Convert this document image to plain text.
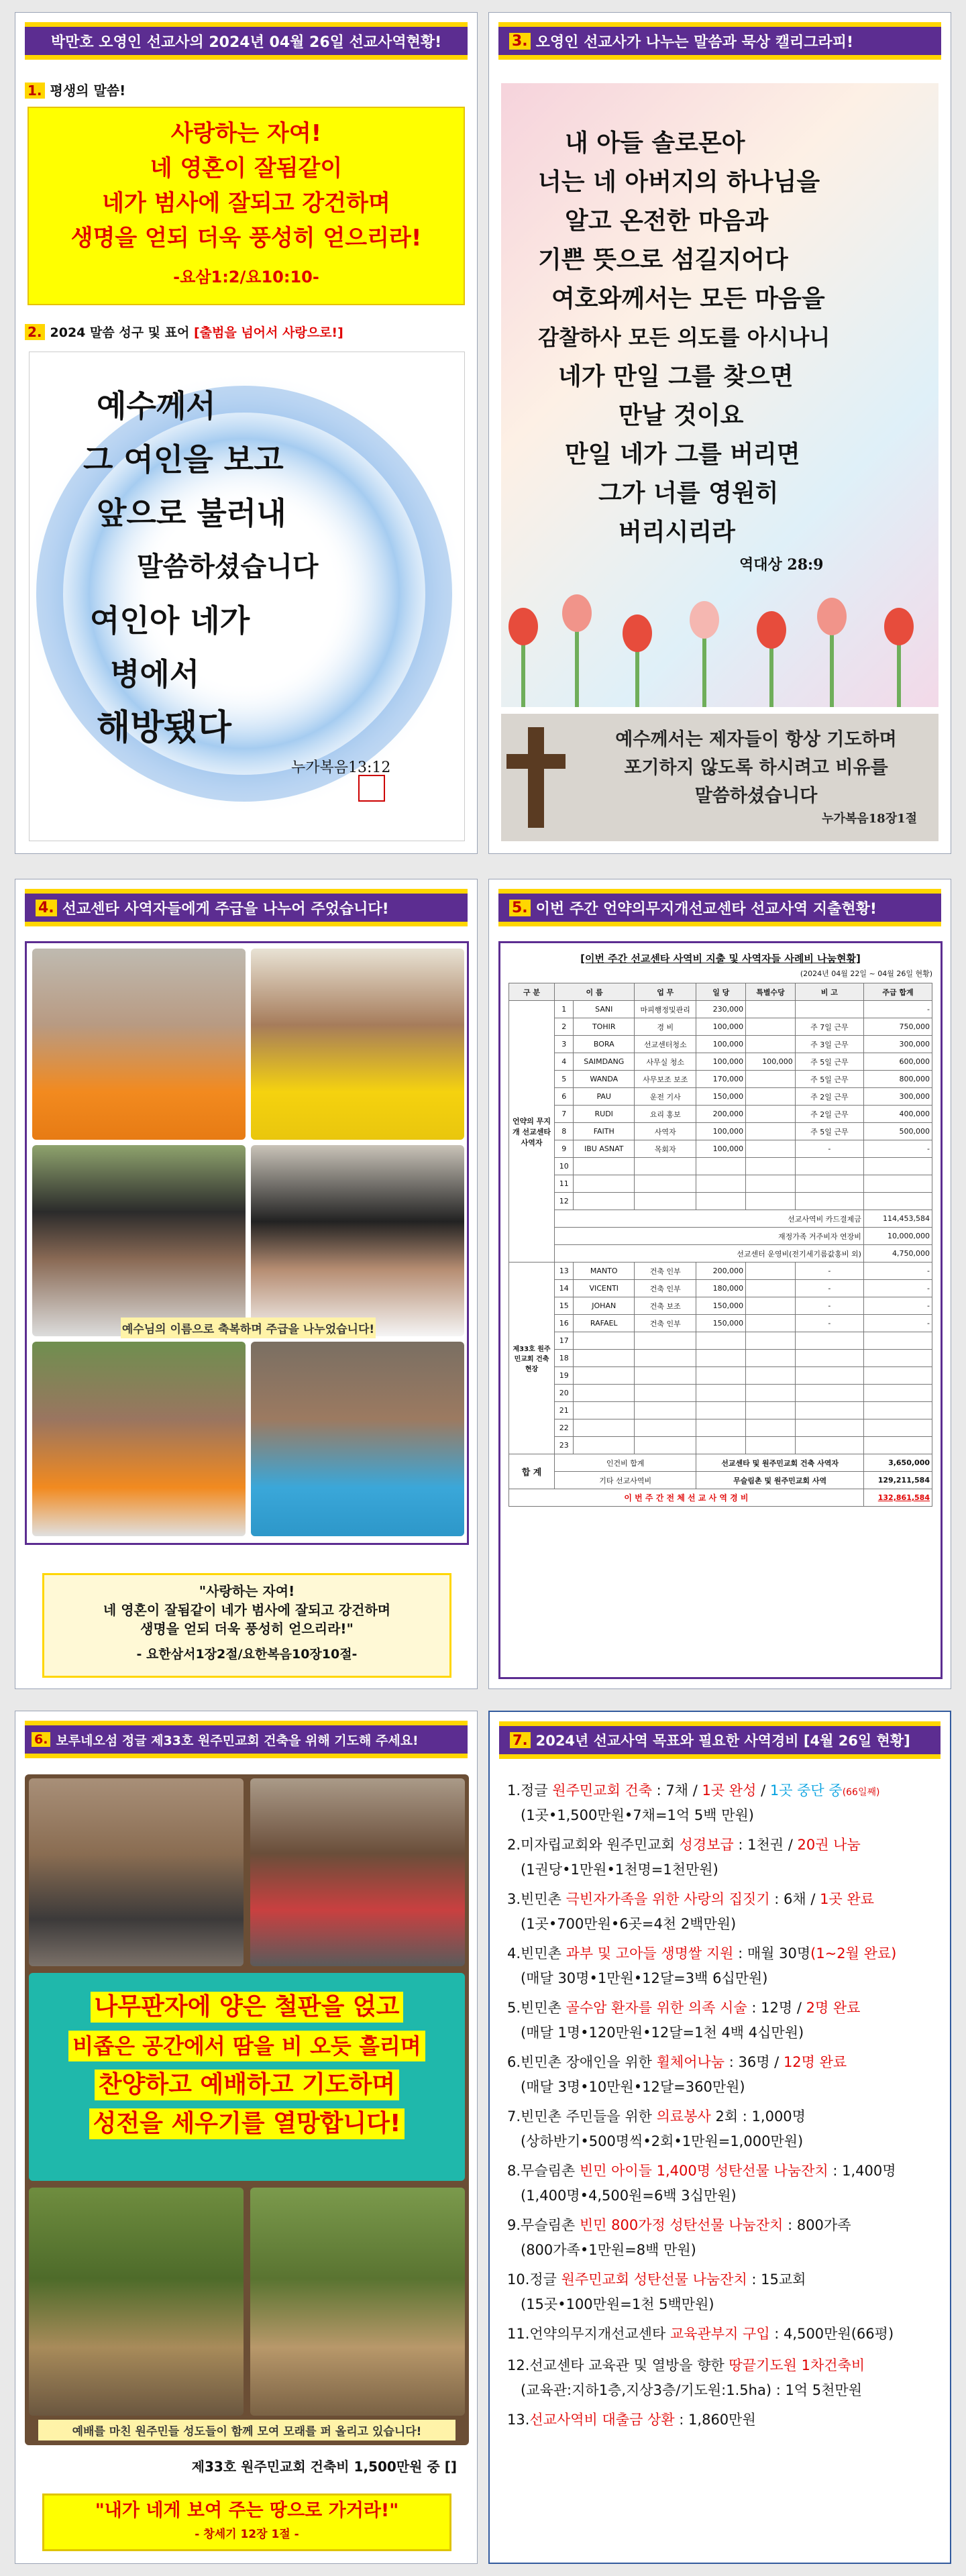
박만호 오영인 선교사의 2024년 04월 26일 선교사역현황!
1. 평생의 말씀!
사랑하는 자여!
네 영혼이 잘됨같이
네가 범사에 잘되고 강건하며
생명을 얻되 더욱 풍성히 얻으리라!
-요삼1:2/요10:10-
2. 2024 말씀 성구 및 표어 [출범을 넘어서 사랑으로!]
예수께서
그 여인을 보고
앞으로 불러내
말씀하셨습니다
여인아 네가
병에서
해방됐다
누가복음13:12
3. 오영인 선교사가 나누는 말씀과 묵상 캘리그라피!
내 아들 솔로몬아
너는 네 아버지의 하나님을
알고 온전한 마음과
기쁜 뜻으로 섬길지어다
여호와께서는 모든 마음을
감찰하사 모든 의도를 아시나니
네가 만일 그를 찾으면
만날 것이요
만일 네가 그를 버리면
그가 너를 영원히
버리시리라
역대상 28:9
예수께서는 제자들이 항상 기도하며
포기하지 않도록 하시려고 비유를
말씀하셨습니다
누가복음18장1절
4. 선교센타 사역자들에게 주급을 나누어 주었습니다!
예수님의 이름으로 축복하며 주급을 나누었습니다!
"사랑하는 자여!
네 영혼이 잘됨같이 네가 범사에 잘되고 강건하며
생명을 얻되 더욱 풍성히 얻으리라!"
- 요한삼서1장2절/요한복음10장10절-
5. 이번 주간 언약의무지개선교센타 선교사역 지출현황!
[이번 주간 선교센타 사역비 지출 및 사역자들 사례비 나눔현황]
(2024년 04월 22일 ~ 04월 26일 현황)
구 분	이 름		업 무	일 당	특별수당	비 고	주급 합계
언약의 무지개 선교센타 사역자	1	SANI	마피행정및관리	230,000			-
	2	TOHIR	경 비	100,000		주 7일 근무	750,000
	3	BORA	선교센터청소	100,000		주 3일 근무	300,000
	4	SAIMDANG	사무실 청소	100,000	100,000	주 5일 근무	600,000
	5	WANDA	사무보조 보조	170,000		주 5일 근무	800,000
	6	PAU	운전 기사	150,000		주 2일 근무	300,000
	7	RUDI	요리 홍보	200,000		주 2일 근무	400,000
	8	FAITH	사역자	100,000		주 5일 근무	500,000
	9	IBU ASNAT	목회자	100,000		-	-
	10						
	11						
	12						
	선교사역비 카드결제금						114,453,584
	재정가족 거주비자 연장비						10,000,000
	선교센터 운영비(전기세기름값홍비 외)						4,750,000
제33호 원주민교회 건축현장	13	MANTO	건축 인부	200,000		-	-
	14	VICENTI	건축 인부	180,000		-	-
	15	JOHAN	건축 보조	150,000		-	-
	16	RAFAEL	건축 인부	150,000		-	-
	17						
	18						
	19						
	20						
	21						
	22						
	23						
합 계	인건비 합계			선교센타 및 원주민교회 건축 사역자			3,650,000
	기타 선교사역비			무슬림촌 및 원주민교회 사역			129,211,584
이 번 주 간 전 체 선 교 사 역 경 비							132,861,584
6. 보루네오섬 정글 제33호 원주민교회 건축을 위해 기도해 주세요!
나무판자에 양은 철판을 얹고
비좁은 공간에서 땀을 비 오듯 흘리며
찬양하고 예배하고 기도하며
성전을 세우기를 열망합니다!
예배를 마친 원주민들 성도들이 함께 모여 모래를 퍼 올리고 있습니다!
제33호 원주민교회 건축비 1,500만원 중 []
"내가 네게 보여 주는 땅으로 가거라!"
- 창세기 12장 1절 -
7. 2024년 선교사역 목표와 필요한 사역경비 [4월 26일 현황]
1.정글 원주민교회 건축 : 7채 / 1곳 완성 / 1곳 중단 중(66일째)
(1곳•1,500만원•7채=1억 5백 만원)
2.미자립교회와 원주민교회 성경보급 : 1천권 / 20권 나눔
(1권당•1만원•1천명=1천만원)
3.빈민촌 극빈자가족을 위한 사랑의 집짓기 : 6채 / 1곳 완료
(1곳•700만원•6곳=4천 2백만원)
4.빈민촌 과부 및 고아들 생명쌀 지원 : 매월 30명(1~2월 완료)
(매달 30명•1만원•12달=3백 6십만원)
5.빈민촌 골수암 환자를 위한 의족 시술 : 12명 / 2명 완료
(매달 1명•120만원•12달=1천 4백 4십만원)
6.빈민촌 장애인을 위한 휠체어나눔 : 36명 / 12명 완료
(매달 3명•10만원•12달=360만원)
7.빈민촌 주민들을 위한 의료봉사 2회 : 1,000명
(상하반기•500명씩•2회•1만원=1,000만원)
8.무슬림촌 빈민 아이들 1,400명 성탄선물 나눔잔치 : 1,400명
(1,400명•4,500원=6백 3십만원)
9.무슬림촌 빈민 800가정 성탄선물 나눔잔치 : 800가족
(800가족•1만원=8백 만원)
10.정글 원주민교회 성탄선물 나눔잔치 : 15교회
(15곳•100만원=1천 5백만원)
11.언약의무지개선교센타 교육관부지 구입 : 4,500만원(66평)
12.선교센타 교육관 및 열방을 향한 땅끝기도원 1차건축비
(교육관:지하1층,지상3층/기도원:1.5ha) : 1억 5천만원
13.선교사역비 대출금 상환 : 1,860만원
